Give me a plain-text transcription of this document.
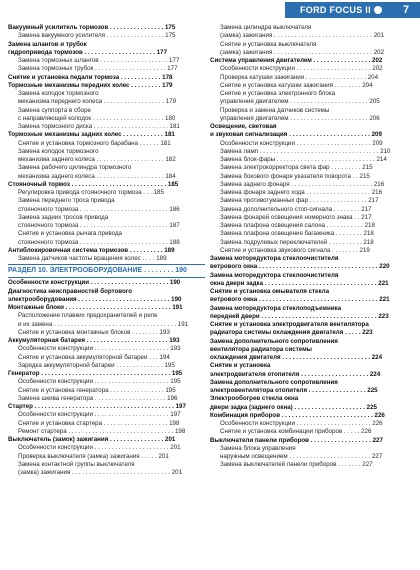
FORD FOCUS II	7
Вакуумный усилитель тормозов . . . . . . . . . . . . . . . . 175
Замена вакуумного усилителя . . . . . . . . . . . . . . . . . 175
Замена шлангов и трубок
гидропривода тормозов . . . . . . . . . . . . . . . . . . . . . 177
Замена тормозных шлангов . . . . . . . . . . . . . . . . . . . . 177
Замена тормозных трубок . . . . . . . . . . . . . . . . . . . . . 177
Снятие и установка педали тормоза . . . . . . . . . . . . 178
Тормозные механизмы передних колес . . . . . . . . . 179
Замена колодок тормозного
механизма переднего колеса . . . . . . . . . . . . . . . . . . 179
Замена суппорта в сборе
с направляющей колодок . . . . . . . . . . . . . . . . . . . . . 180
Замена тормозного диска . . . . . . . . . . . . . . . . . . . . . . 181
Тормозные механизмы задних колес . . . . . . . . . . . . 181
Снятие и установка тормозного барабана . . . . . . 181
Замена колодок тормозного
механизма заднего колеса . . . . . . . . . . . . . . . . . . . . 182
Замена рабочего цилиндра тормозного
механизма заднего колеса . . . . . . . . . . . . . . . . . . . . 184
Стояночный тормоз . . . . . . . . . . . . . . . . . . . . . . . . . . . . 185
Регулировка привода стояночного тормоза . . . 185
Замена переднего троса привода
стояночного тормоза . . . . . . . . . . . . . . . . . . . . . . . . . . 186
Замена задних тросов привода
стояночного тормоза . . . . . . . . . . . . . . . . . . . . . . . . . . 187
Снятие и установка рычага привода
стояночного тормоза . . . . . . . . . . . . . . . . . . . . . . . . . . 188
Антиблокировочная система тормозов . . . . . . . . . . 189
Замена датчиков частоты вращения колес . . . . 189
РАЗДЕЛ 10. ЭЛЕКТРООБОРУДОВАНИЕ . . . . . . . . 190
Особенности конструкции . . . . . . . . . . . . . . . . . . . . . . . 190
Диагностика неисправностей бортового
электрооборудования . . . . . . . . . . . . . . . . . . . . . . . . . . . 190
Монтажные блоки . . . . . . . . . . . . . . . . . . . . . . . . . . . . . . . 191
Расположение плавких предохранителей и реле
и их замена . . . . . . . . . . . . . . . . . . . . . . . . . . . . . . . . . . . . 191
Снятие и установка монтажных блоков . . . . . . . . 193
Аккумуляторная батарея . . . . . . . . . . . . . . . . . . . . . . . . 193
Особенности конструкции . . . . . . . . . . . . . . . . . . . . . . 193
Снятие и установка аккумуляторной батареи . . . 194
Зарядка аккумуляторной батареи . . . . . . . . . . . . . . 195
Генератор . . . . . . . . . . . . . . . . . . . . . . . . . . . . . . . . . . . . . . 195
Особенности конструкции . . . . . . . . . . . . . . . . . . . . . . 195
Снятие и установка генератора . . . . . . . . . . . . . . . . 195
Замена шкива генератора . . . . . . . . . . . . . . . . . . . . . 196
Стартер . . . . . . . . . . . . . . . . . . . . . . . . . . . . . . . . . . . . . . . . . 197
Особенности конструкции . . . . . . . . . . . . . . . . . . . . . . 197
Снятие и установка стартера . . . . . . . . . . . . . . . . . . . 198
Ремонт стартера . . . . . . . . . . . . . . . . . . . . . . . . . . . . . . . 198
Выключатель (замок) зажигания . . . . . . . . . . . . . . . . 201
Особенности конструкции . . . . . . . . . . . . . . . . . . . . . . 201
Проверка выключателя (замка) зажигания . . . . . 201
Замена контактной группы выключателя
(замка) зажигания . . . . . . . . . . . . . . . . . . . . . . . . . . . . . 201
Замена цилиндра выключателя
(замка) зажигания . . . . . . . . . . . . . . . . . . . . . . . . . . . . . 201
Снятие и установка выключателя
(замка) зажигания . . . . . . . . . . . . . . . . . . . . . . . . . . . . . 202
Система управления двигателем . . . . . . . . . . . . . . . . . 202
Особенности конструкции . . . . . . . . . . . . . . . . . . . . . . 202
Проверка катушки зажигания . . . . . . . . . . . . . . . . . . 204
Снятие и установка катушки зажигания . . . . . . . . 204
Снятие и установка электронного блока
управления двигателем . . . . . . . . . . . . . . . . . . . . . . . 205
Проверка и замена датчиков системы
управления двигателем . . . . . . . . . . . . . . . . . . . . . . . 206
Освещение, световая
и звуковая сигнализация . . . . . . . . . . . . . . . . . . . . . . . . 209
Особенности конструкции . . . . . . . . . . . . . . . . . . . . . . 209
Замена ламп . . . . . . . . . . . . . . . . . . . . . . . . . . . . . . . . . . . 210
Замена блок-фары . . . . . . . . . . . . . . . . . . . . . . . . . . . . . 214
Замена электрокорректора света фар . . . . . . . . . 215
Замена бокового фонаря указателя поворота . . 215
Замена заднего фонаря . . . . . . . . . . . . . . . . . . . . . . . . 216
Замена фонаря заднего хода . . . . . . . . . . . . . . . . . . . 216
Замена противотуманных фар . . . . . . . . . . . . . . . . . 217
Замена дополнительного стоп-сигнала . . . . . . . . 217
Замена фонарей освещения номерного знака . . 217
Замена плафона освещения салона . . . . . . . . . . . 218
Замена плафона освещения багажника . . . . . . . . 218
Замена подрулевых переключателей . . . . . . . . . . 218
Снятие и установка звукового сигнала . . . . . . . . 219
Замена моторедуктора стеклоочистителя
ветрового окна . . . . . . . . . . . . . . . . . . . . . . . . . . . . . . . . . . . 220
Замена моторедуктора стеклоочистителя
окна двери задка . . . . . . . . . . . . . . . . . . . . . . . . . . . . . . . . . 221
Снятие и установка омывателя стекла
ветрового окна . . . . . . . . . . . . . . . . . . . . . . . . . . . . . . . . . . . 221
Замена моторедуктора стеклоподъемника
передней двери . . . . . . . . . . . . . . . . . . . . . . . . . . . . . . . . . . 223
Снятие и установка электродвигателя вентилятора
радиатора системы охлаждения двигателя . . . . . 223
Замена дополнительного сопротивления
вентилятора радиатора системы
охлаждения двигателя . . . . . . . . . . . . . . . . . . . . . . . . . . 224
Снятие и установка
электродвигателя отопителя . . . . . . . . . . . . . . . . . . . . 224
Замена дополнительного сопротивления
электровентилятора отопителя . . . . . . . . . . . . . . . . . 225
Электрообогрев стекла окна
двери задка (заднего окна) . . . . . . . . . . . . . . . . . . . . . 225
Комбинация приборов . . . . . . . . . . . . . . . . . . . . . . . . . . . 226
Особенности конструкции . . . . . . . . . . . . . . . . . . . . . . 226
Снятие и установка комбинации приборов . . . . . 226
Выключатели панели приборов . . . . . . . . . . . . . . . . . . 227
Замена блока управления
наружным освещением . . . . . . . . . . . . . . . . . . . . . . . . 227
Замена выключателей панели приборов . . . . . . . 227
